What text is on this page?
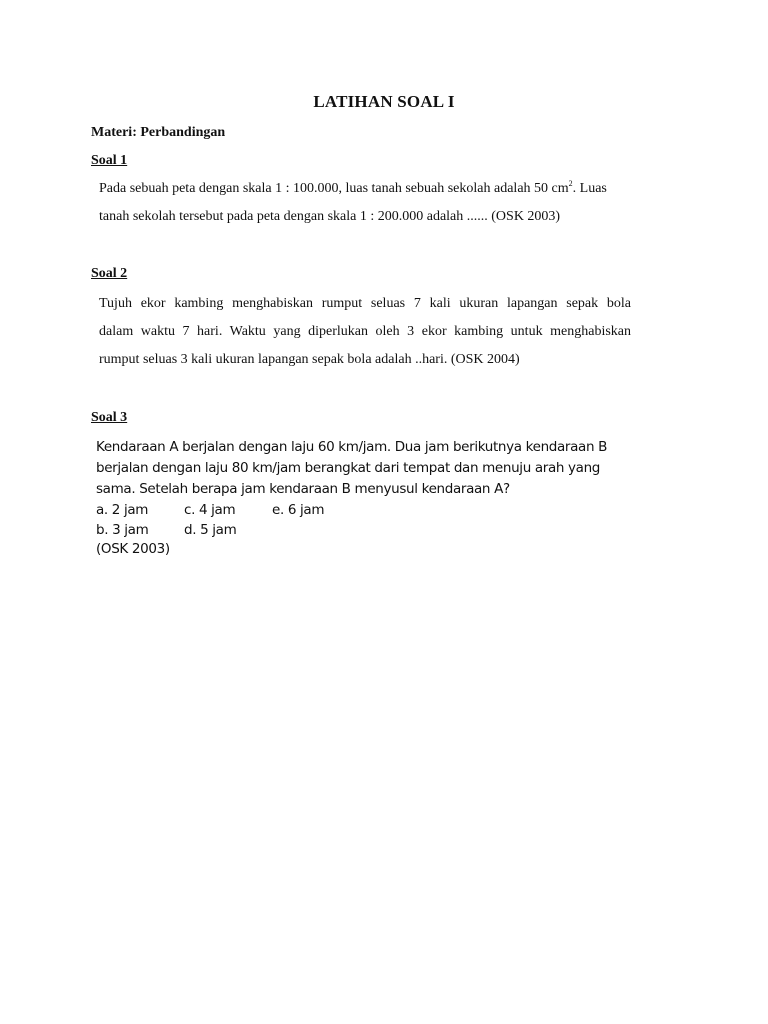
LATIHAN SOAL I
Materi: Perbandingan
Soal 1
Pada sebuah peta dengan skala 1 : 100.000, luas tanah sebuah sekolah adalah 50 $cm^2$. Luas
tanah sekolah tersebut pada peta dengan skala 1 : 200.000 adalah ...... (OSK 2003)
Soal 2
Tujuh ekor kambing menghabiskan rumput seluas 7 kali ukuran lapangan sepak bola
dalam waktu 7 hari. Waktu yang diperlukan oleh 3 ekor kambing untuk menghabiskan
rumput seluas 3 kali ukuran lapangan sepak bola adalah ..hari. (OSK 2004)
Soal 3
Kendaraan A berjalan dengan laju 60 km/jam. Dua jam berikutnya kendaraan B
berjalan dengan laju 80 km/jam berangkat dari tempat dan menuju arah yang
sama. Setelah berapa jam kendaraan B menyusul kendaraan A?
a. 2 jam	c. 4 jam	e. 6 jam
b. 3 jam	d. 5 jam
(OSK 2003)
